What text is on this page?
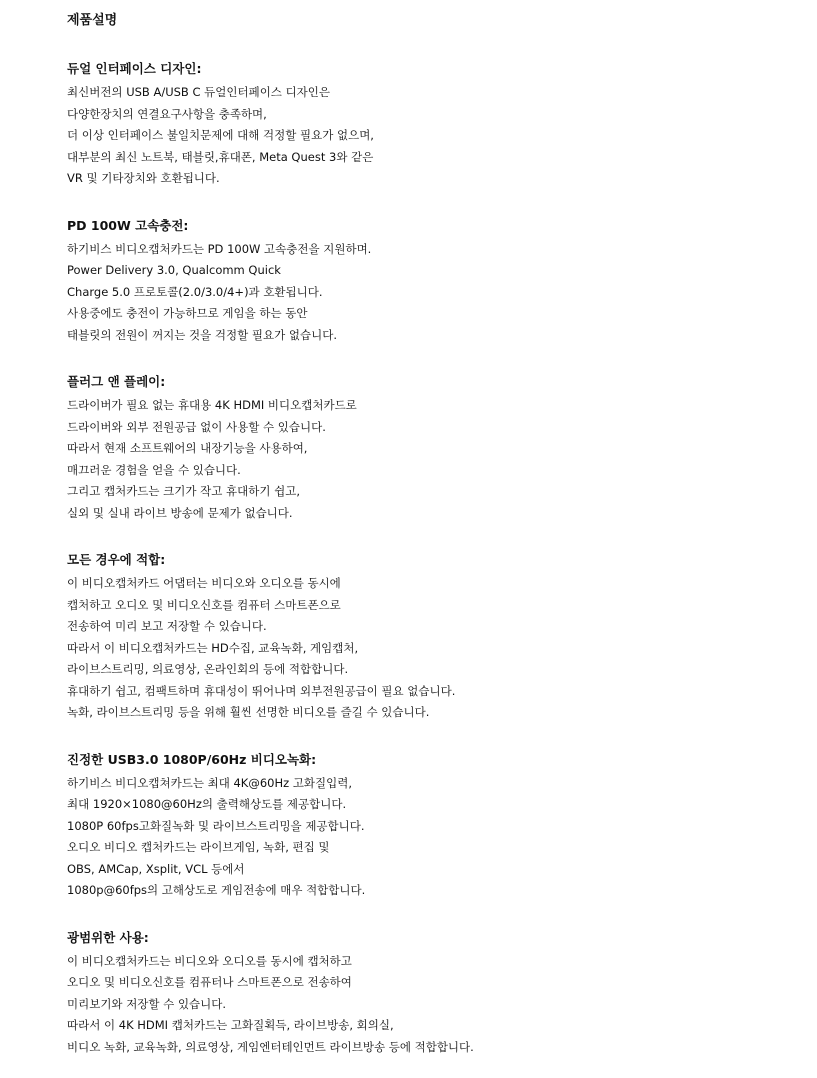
제품설명
듀얼 인터페이스 디자인:
최신버전의 USB A/USB C 듀얼인터페이스 디자인은
다양한장치의 연결요구사항을 충족하며,
더 이상 인터페이스 불일치문제에 대해 걱정할 필요가 없으며,
대부분의 최신 노트북, 태블릿,휴대폰, Meta Quest 3와 같은
VR 및 기타장치와 호환됩니다.
PD 100W 고속충전:
하기비스 비디오캡처카드는 PD 100W 고속충전을 지원하며.
Power Delivery 3.0, Qualcomm Quick
Charge 5.0 프로토콜(2.0/3.0/4+)과 호환됩니다.
사용중에도 충전이 가능하므로 게임을 하는 동안
태블릿의 전원이 꺼지는 것을 걱정할 필요가 없습니다.
플러그 앤 플레이:
드라이버가 필요 없는 휴대용 4K HDMI 비디오캡처카드로
드라이버와 외부 전원공급 없이 사용할 수 있습니다.
따라서 현재 소프트웨어의 내장기능을 사용하여,
매끄러운 경험을 얻을 수 있습니다.
그리고 캡처카드는 크기가 작고 휴대하기 쉽고,
실외 및 실내 라이브 방송에 문제가 없습니다.
모든 경우에 적합:
이 비디오캡처카드 어댑터는 비디오와 오디오를 동시에
캡처하고 오디오 및 비디오신호를 컴퓨터 스마트폰으로
전송하여 미리 보고 저장할 수 있습니다.
따라서 이 비디오캡처카드는 HD수집, 교육녹화, 게임캡처,
라이브스트리밍, 의료영상, 온라인회의 등에 적합합니다.
휴대하기 쉽고, 컴팩트하며 휴대성이 뛰어나며 외부전원공급이 필요 없습니다.
녹화, 라이브스트리밍 등을 위해 훨씬 선명한 비디오를 즐길 수 있습니다.
진정한 USB3.0 1080P/60Hz 비디오녹화:
하기비스 비디오캡쳐카드는 최대 4K@60Hz 고화질입력,
최대 1920×1080@60Hz의 출력해상도를 제공합니다.
1080P 60fps고화질녹화 및 라이브스트리밍을 제공합니다.
오디오 비디오 캡처카드는 라이브게임, 녹화, 편집 및
OBS, AMCap, Xsplit, VCL 등에서
1080p@60fps의 고해상도로 게임전송에 매우 적합합니다.
광범위한 사용:
이 비디오캡처카드는 비디오와 오디오를 동시에 캡처하고
오디오 및 비디오신호를 컴퓨터나 스마트폰으로 전송하여
미리보기와 저장할 수 있습니다.
따라서 이 4K HDMI 캡처카드는 고화질획득, 라이브방송, 회의실,
비디오 녹화, 교육녹화, 의료영상, 게임엔터테인먼트 라이브방송 등에 적합합니다.
